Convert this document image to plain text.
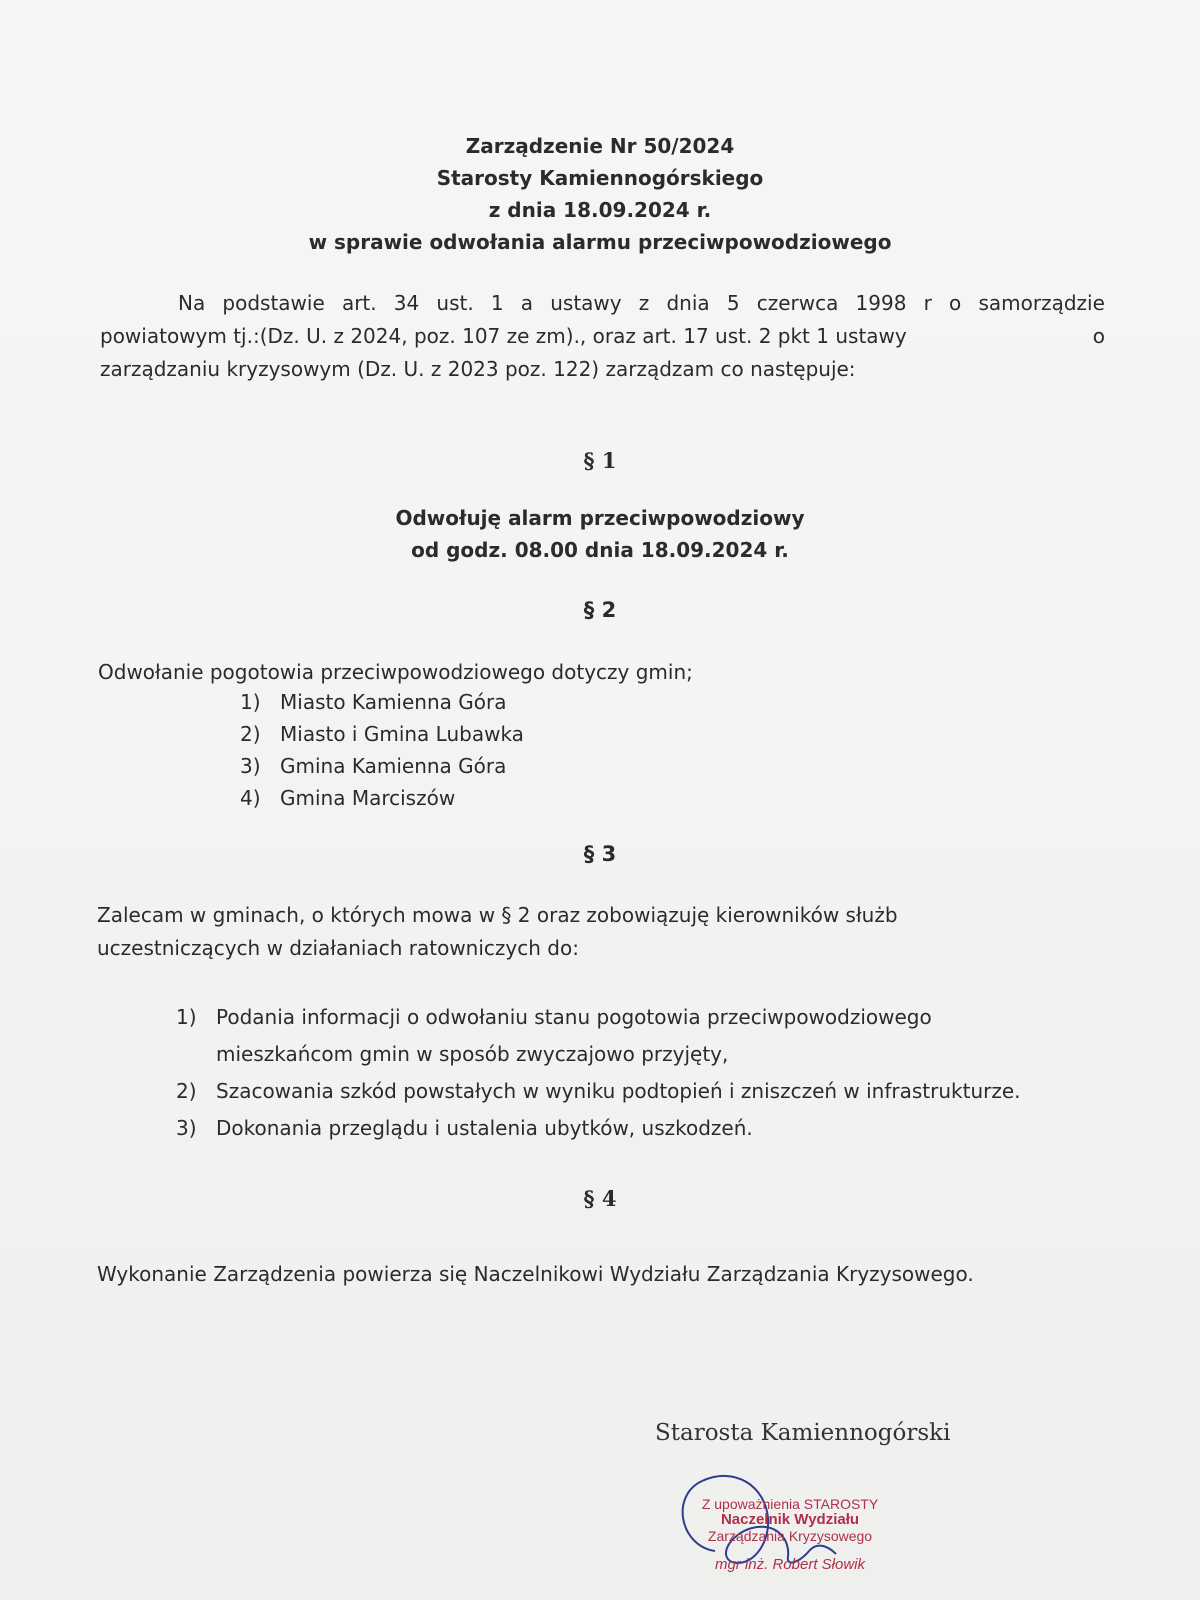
Zarządzenie Nr 50/2024
Starosty Kamiennogórskiego
z dnia 18.09.2024 r.
w sprawie odwołania alarmu przeciwpowodziowego
Na podstawie art. 34 ust. 1 a ustawy z dnia 5 czerwca 1998 r o samorządzie
powiatowym tj.:(Dz. U. z 2024, poz. 107 ze zm)., oraz art. 17 ust. 2 pkt 1 ustawy	o
zarządzaniu kryzysowym (Dz. U. z 2023 poz. 122) zarządzam co następuje:
§ 1
Odwołuję alarm przeciwpowodziowy
od godz. 08.00 dnia 18.09.2024 r.
§ 2
Odwołanie pogotowia przeciwpowodziowego dotyczy gmin;
1) Miasto Kamienna Góra
2) Miasto i Gmina Lubawka
3) Gmina Kamienna Góra
4) Gmina Marciszów
§ 3
Zalecam w gminach, o których mowa w § 2 oraz zobowiązuję kierowników służb
uczestniczących w działaniach ratowniczych do:
1) Podania informacji o odwołaniu stanu pogotowia przeciwpowodziowego
mieszkańcom gmin w sposób zwyczajowo przyjęty,
2) Szacowania szkód powstałych w wyniku podtopień i zniszczeń w infrastrukturze.
3) Dokonania przeglądu i ustalenia ubytków, uszkodzeń.
§ 4
Wykonanie Zarządzenia powierza się Naczelnikowi Wydziału Zarządzania Kryzysowego.
Starosta Kamiennogórski
Z upoważnienia STAROSTY
Naczelnik Wydziału
Zarządzania Kryzysowego
mgr inż. Robert Słowik
